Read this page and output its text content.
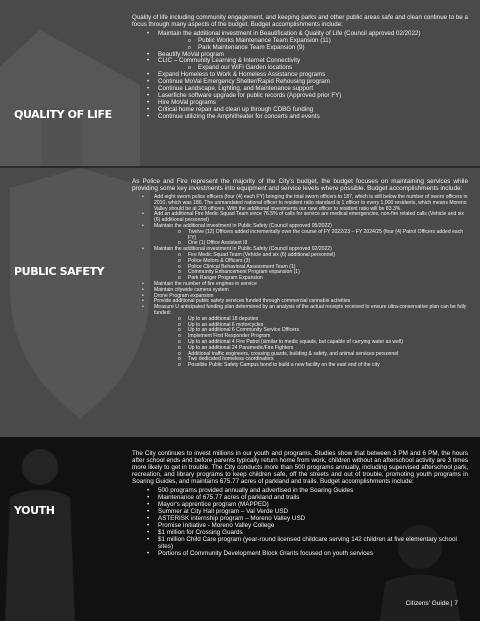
QUALITY OF LIFE

Quality of life including community engagement, and keeping parks and other public areas safe and clean continue to be a focus through many aspects of the budget. Budget accomplishments include:

• Maintain the additional investment in Beautification & Quality of Life (Council approved 02/2022)
o Public Works Maintenance Team Expansion (11)
o Park Maintenance Team Expansion (9)
• Beautify MoVal program
• CLIC – Community Learning & Internet Connectivity
o Expand our WiFi Garden locations
• Expand Homeless to Work & Homeless Assistance programs
• Continue MoVal Emergency Shelter/Rapid Rehousing program
• Continue Landscape, Lighting, and Maintenance support
• Laserfiche software upgrade for public records (Approved prior FY)
• Hire MoVal programs
• Critical home repair and clean up through CDBG funding
• Continue utilizing the Amphitheater for concerts and events
PUBLIC SAFETY

As Police and Fire represent the majority of the City's budget, the budget focuses on maintaining services while providing some key investments into equipment and service levels where possible. Budget accomplishments include:

• Add eight sworn police officers (four (4) each FY) bringing the total sworn officers to 187, which is still below the number of sworn officers in 2010, which was 186. The unmandated national officer to resident ratio standard is 1 officer to every 1,000 residents, which means Moreno Valley should be at 209 officers. With the additional investments our new officer to resident ratio will be 83.3%.
• Add an additional Fire Medic Squad Team since 76.5% of calls for service are medical emergencies, non-fire related calls (Vehicle and six (6) additional personnel)
• Maintain the additional investment in Public Safety (Council approved 05/2022)
o Twelve (12) Officers added incrementally over the course of FY 2022/23 – FY 2024/25 (four (4) Patrol Officers added each FY)
o One (1) Office Assistant III
• Maintain the additional investment in Public Safety (Council approved 02/2022)
o Fire Medic Squad Team (Vehicle and six (6) additional personnel)
o Police Motors & Officers (3)
o Police Clinical Behavioral Assessment Team (1)
o Community Enhancement Program expansion (1)
o Park Ranger Program Expansion
• Maintain the number of fire engines in service
• Maintain citywide camera system
• Drone Program expansion
• Provide additional public safety services funded through commercial cannabis activities
• Measure U anticipated funding plan determined by an analysis of the actual receipts received to ensure ultra-conservative plan can be fully funded:
o Up to an additional 18 deputies
o Up to an additional 6 motorcycles
o Up to an additional 6 Community Service Officers
o Implement First Responder Program
o Up to an additional 4 Fire Patrol (similar to medic squads, but capable of carrying water as well)
o Up to an additional 24 Paramedic/Fire Fighters
o Additional traffic engineers, crossing guards, building & safety, and animal services personnel
o Two dedicated homeless coordinators
o Possible Public Safety Campus bond to build a new facility on the east end of the city
YOUTH

The City continues to invest millions in our youth and programs. Studies show that between 3 PM and 6 PM, the hours after school ends and before parents typically return home from work, children without an afterschool activity are 3 times more likely to get in trouble. The City conducts more than 500 programs annually, including supervised afterschool park, recreation, and library programs to keep children safe, off the streets and out of trouble, promoting youth programs in Soaring Guides, and maintains 675.77 acres of parkland and trails. Budget accomplishments include:

• 500 programs provided annually and advertised in the Soaring Guides
• Maintenance of 675.77 acres of parkland and trails
• Mayor's apprentice program (MAPPED)
• Summer at City Hall program – Val Verde USD
• ASTERISK internship program – Moreno Valley USD
• Promise Initiative - Moreno Valley College
• $1 million for Crossing Guards
• $1 million Child Care program (year-round licensed childcare serving 142 children at five elementary school sites)
• Portions of Community Development Block Grants focused on youth services
Citizens' Guide | 7
